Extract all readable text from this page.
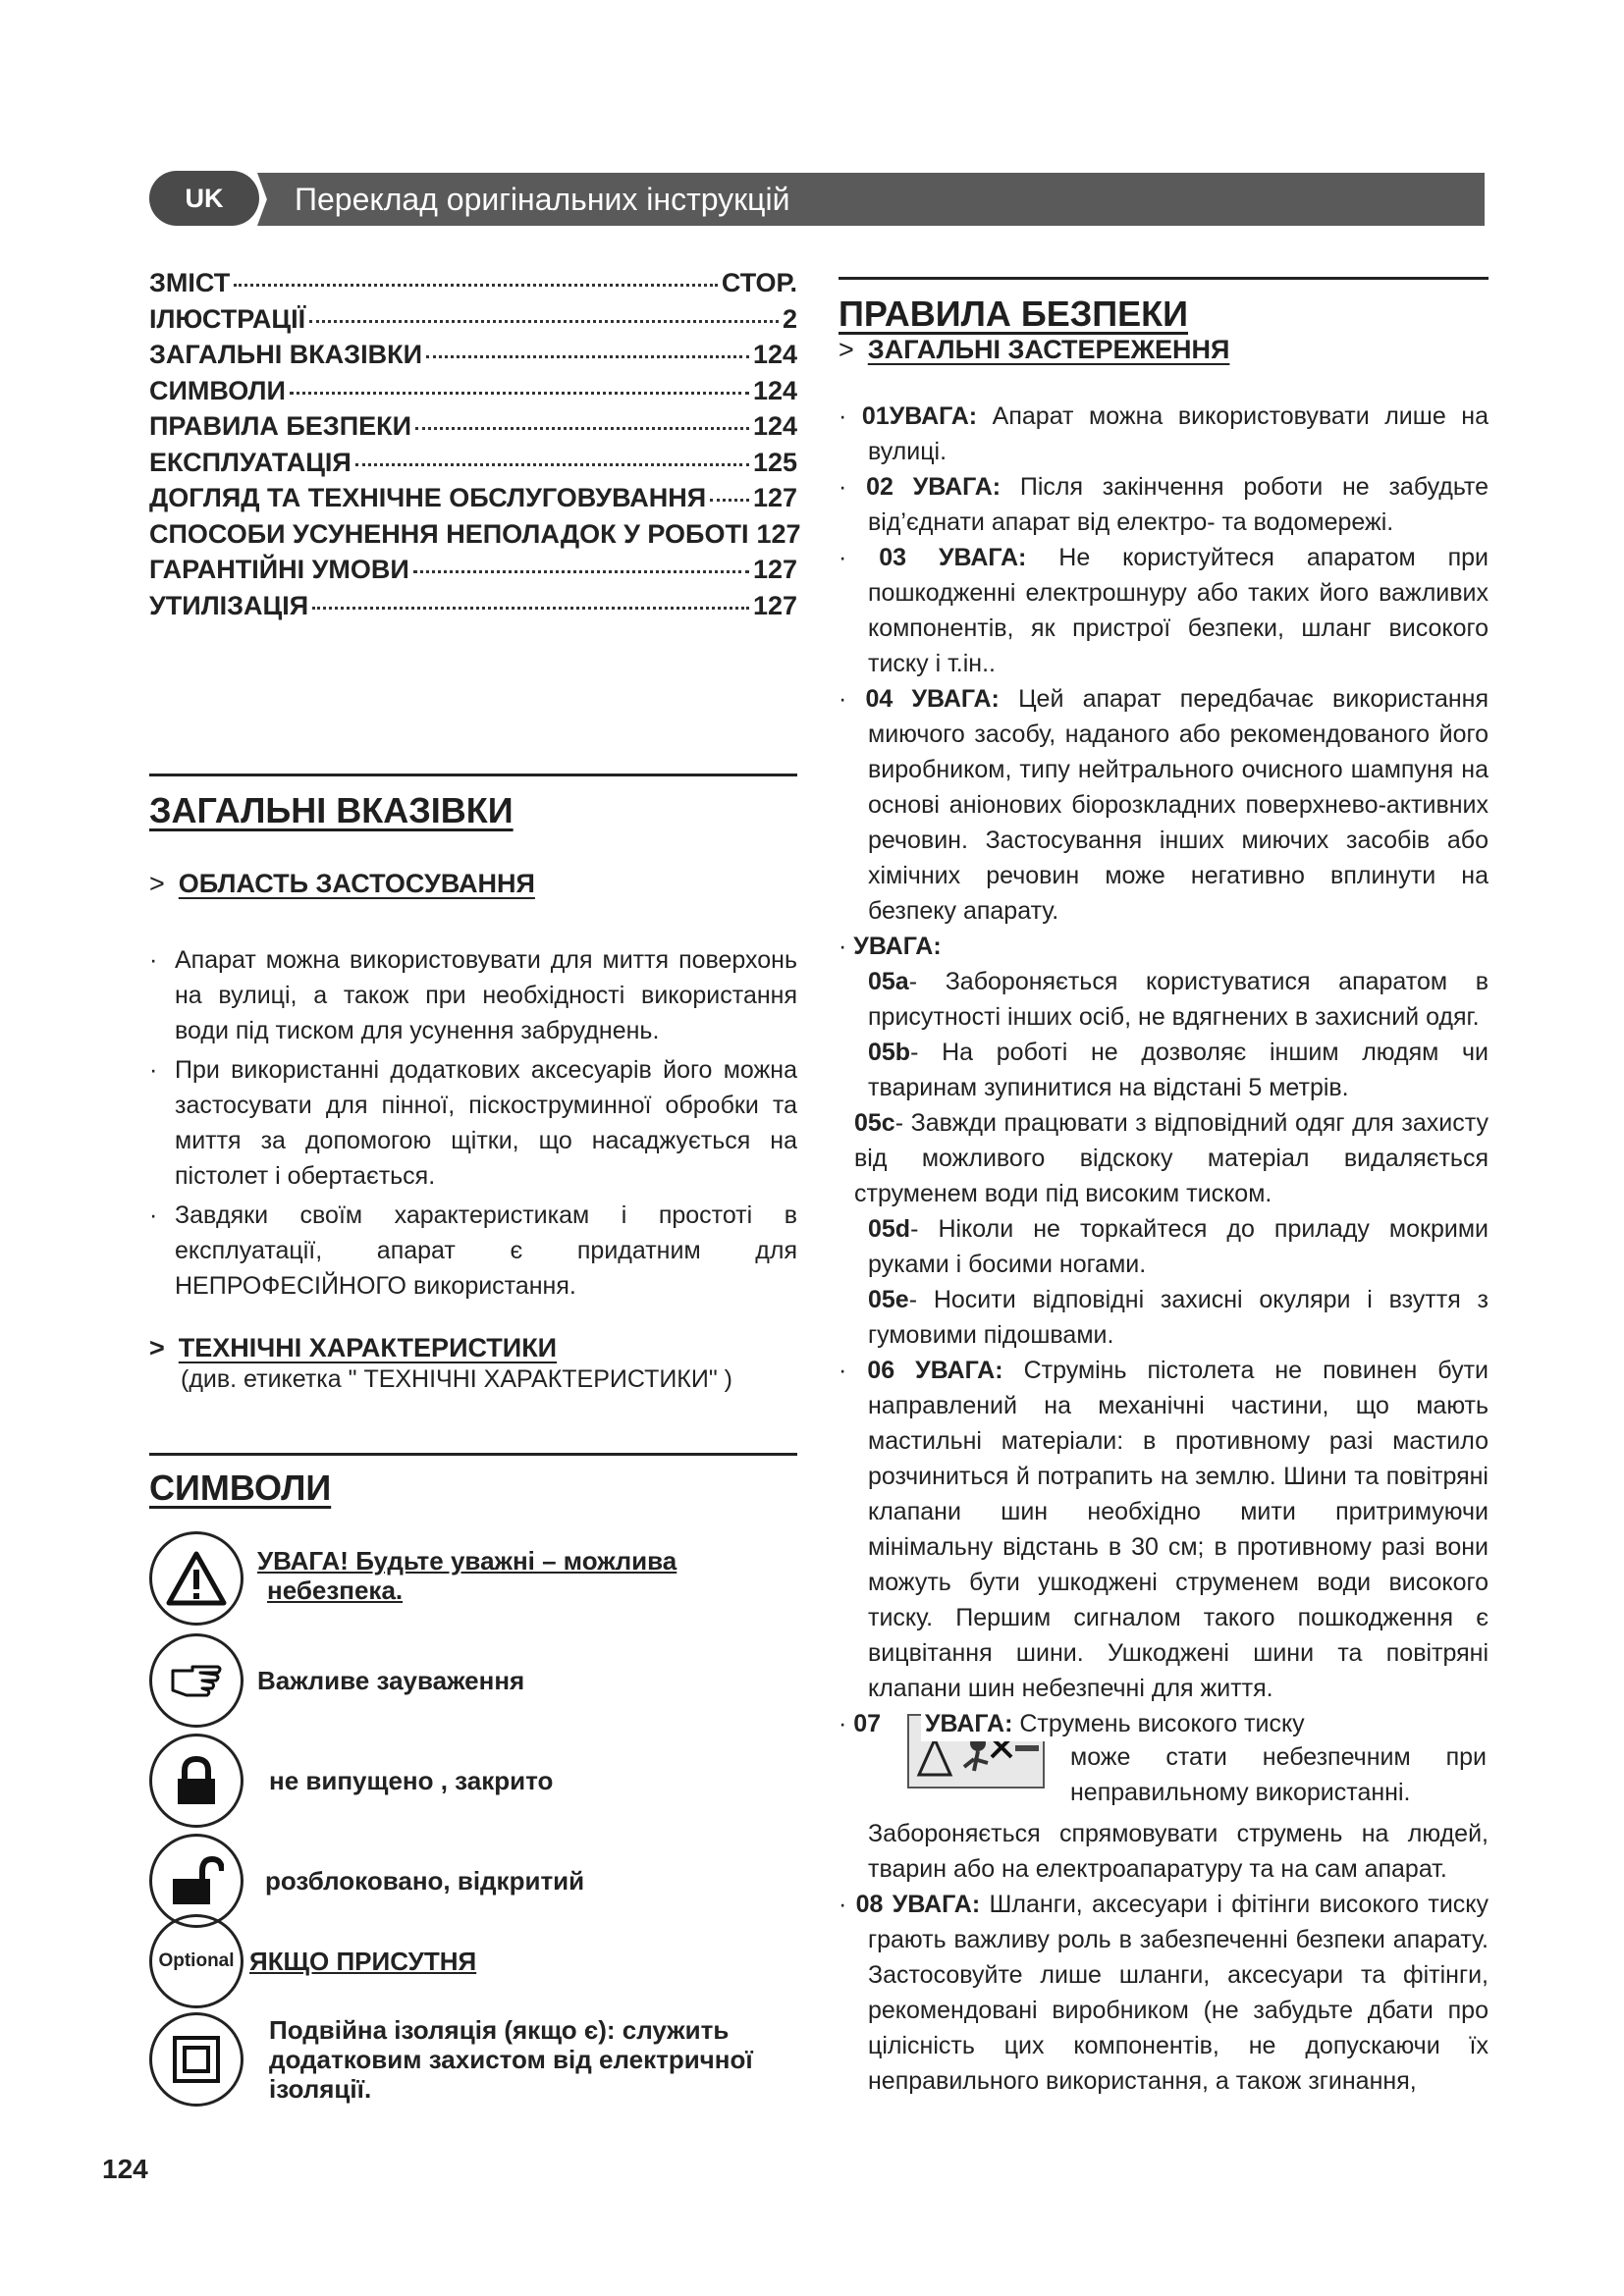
UK	Переклад оригінальних інструкцій
ЗМІСТ	СТОР.
ІЛЮСТРАЦІЇ	2
ЗАГАЛЬНІ ВКАЗІВКИ	124
СИМВОЛИ	124
ПРАВИЛА БЕЗПЕКИ	124
ЕКСПЛУАТАЦІЯ	125
ДОГЛЯД ТА ТЕХНІЧНЕ ОБСЛУГОВУВАННЯ 127
СПОСОБИ УСУНЕННЯ НЕПОЛАДОК У РОБОТІ 127
ГАРАНТІЙНІ УМОВИ	127
УТИЛІЗАЦІЯ	127
ЗАГАЛЬНІ ВКАЗІВКИ
> ОБЛАСТЬ ЗАСТОСУВАННЯ

· Апарат можна використовувати для миття поверхонь на вулиці, а також при необхідності використання води під тиском для усунення забруднень.

· При використанні додаткових аксесуарів його можна застосувати для пінної, піскоструминної обробки та миття за допомогою щітки, що насаджується на пістолет і обертається.

· Завдяки своїм характеристикам і простоті в експлуатації, апарат є придатним для НЕПРОФЕСІЙНОГО використання.

> ТЕХНІЧНІ ХАРАКТЕРИСТИКИ
(див. етикетка " ТЕХНІЧНІ ХАРАКТЕРИСТИКИ" )
СИМВОЛИ
УВАГА! Будьте уважні – можлива
небезпека.
Важливе зауваження
не випущено , закрито
розблоковано, відкритий
Optional ЯКЩО ПРИСУТНЯ
Подвійна ізоляція (якщо є): служить додатковим захистом від електричної ізоляції.
124
ПРАВИЛА БЕЗПЕКИ
> ЗАГАЛЬНІ ЗАСТЕРЕЖЕННЯ

· 01УВАГА: Апарат можна використовувати лише на вулиці.

· 02 УВАГА: Після закінчення роботи не забудьте від’єднати апарат від електро- та водомережі.

· 03 УВАГА: Не користуйтеся апаратом при пошкодженні електрошнуру або таких його важливих компонентів, як пристрої безпеки, шланг високого тиску і т.ін..

· 04 УВАГА: Цей апарат передбачає використання миючого засобу, наданого або рекомендованого його виробником, типу нейтрального очисного шампуня на основі аніонових біорозкладних поверхнево-активних речовин. Застосування інших миючих засобів або хімічних речовин може негативно вплинути на безпеку апарату.

· УВАГА:

05a- Забороняється користуватися апаратом в присутності інших осіб, не вдягнених в захисний одяг.

05b- На роботі не дозволяє іншим людям чи тваринам зупинитися на відстані 5 метрів.

05c- Завжди працювати з відповідний одяг для захисту від можливого відскоку матеріал видаляється струменем води під високим тиском.

05d- Ніколи не торкайтеся до приладу мокрими руками і босими ногами.

05e- Носити відповідні захисні окуляри і взуття з гумовими підошвами.

· 06 УВАГА: Струмінь пістолета не повинен бути направлений на механічні частини, що мають мастильні матеріали: в противному разі мастило розчиниться й потрапить на землю. Шини та повітряні клапани шин необхідно мити притримуючи мінімальну відстань в 30 см; в противному разі вони можуть бути ушкоджені струменем води високого тиску. Першим сигналом такого пошкодження є вицвітання шини. Ушкоджені шини та повітряні клапани шин небезпечні для життя.

· 07 УВАГА: Струмень високого тиску

може стати небезпечним при неправильному використанні.

Забороняється спрямовувати струмень на людей, тварин або на електроапаратуру та на сам апарат.

· 08 УВАГА: Шланги, аксесуари і фітінги високого тиску грають важливу роль в забезпеченні безпеки апарату. Застосовуйте лише шланги, аксесуари та фітінги, рекомендовані виробником (не забудьте дбати про цілісність цих компонентів, не допускаючи їх неправильного використання, а також згинання,
